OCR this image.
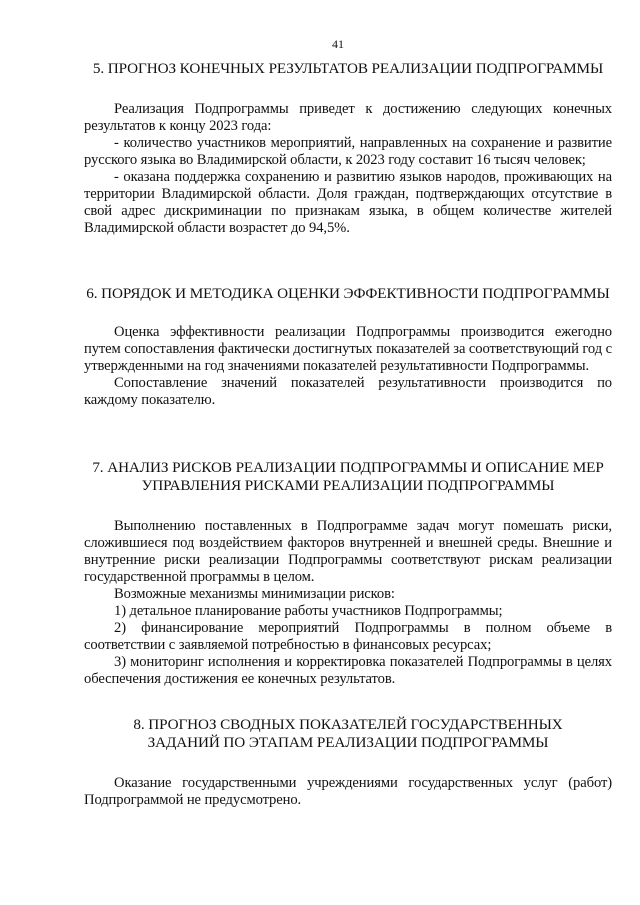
41
5. ПРОГНОЗ КОНЕЧНЫХ РЕЗУЛЬТАТОВ РЕАЛИЗАЦИИ ПОДПРОГРАММЫ

Реализация Подпрограммы приведет к достижению следующих конечных результатов к концу 2023 года:

- количество участников мероприятий, направленных на сохранение и развитие русского языка во Владимирской области, к 2023 году составит 16 тысяч человек;

- оказана поддержка сохранению и развитию языков народов, проживающих на территории Владимирской области. Доля граждан, подтверждающих отсутствие в свой адрес дискриминации по признакам языка, в общем количестве жителей Владимирской области возрастет до 94,5%.

6. ПОРЯДОК И МЕТОДИКА ОЦЕНКИ ЭФФЕКТИВНОСТИ ПОДПРОГРАММЫ

Оценка эффективности реализации Подпрограммы производится ежегодно путем сопоставления фактически достигнутых показателей за соответствующий год с утвержденными на год значениями показателей результативности Подпрограммы.

Сопоставление значений показателей результативности производится по каждому показателю.

7. АНАЛИЗ РИСКОВ РЕАЛИЗАЦИИ ПОДПРОГРАММЫ И ОПИСАНИЕ МЕР
УПРАВЛЕНИЯ РИСКАМИ РЕАЛИЗАЦИИ ПОДПРОГРАММЫ

Выполнению поставленных в Подпрограмме задач могут помешать риски, сложившиеся под воздействием факторов внутренней и внешней среды. Внешние и внутренние риски реализации Подпрограммы соответствуют рискам реализации государственной программы в целом.

Возможные механизмы минимизации рисков:

1) детальное планирование работы участников Подпрограммы;

2) финансирование мероприятий Подпрограммы в полном объеме в соответствии с заявляемой потребностью в финансовых ресурсах;

3) мониторинг исполнения и корректировка показателей Подпрограммы в целях обеспечения достижения ее конечных результатов.

8. ПРОГНОЗ СВОДНЫХ ПОКАЗАТЕЛЕЙ ГОСУДАРСТВЕННЫХ
ЗАДАНИЙ ПО ЭТАПАМ РЕАЛИЗАЦИИ ПОДПРОГРАММЫ

Оказание государственными учреждениями государственных услуг (работ) Подпрограммой не предусмотрено.
